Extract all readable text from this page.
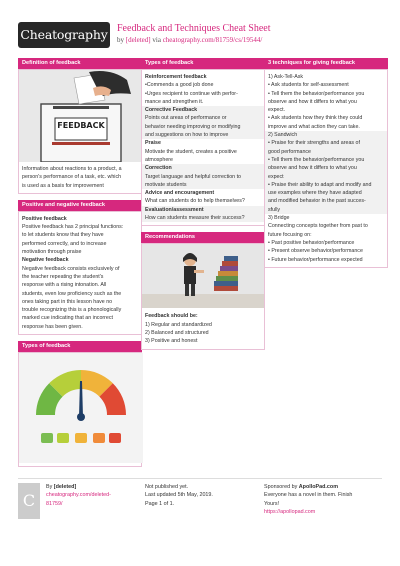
Cheatography Feedback and Techniques Cheat Sheet
by [deleted] via cheatography.com/81759/cs/19544/
Definition of feedback
FEEDBACK
Information about reactions to a product, a
person's performance of a task, etc. which
is used as a basis for improvement
Positive and negative feedback
Positive feedback
Positive feedback has 2 principal functions:
to let students know that they have
performed correctly, and to increase
motivation through praise
Negative feedback
Negative feedback consists exclusively of
the teacher repeating the student's
response with a rising intonation. All
students, even low proficiency such as the
ones taking part in this lesson have no
trouble recognizing this is a phonologically
marked cue indicating that an incorrect
response has been given.
Types of feedback
Types of feedback
Reinforcement feedback
•Commends a good job done
•Urges recipient to continue with perfor-
mance and strengthen it.
Corrective Feedback
Points out areas of performance or
behavior needing improving or modifying
and suggestions on how to improve
Praise
Motivate the student, creates a positive
atmosphere
Correction
Target language and helpful correction to
motivate students
Advice and encouragement
What can students do to help themselves?
Evaluation/assessment
How can students measure their success?
Recommendations
Feedback should be:
1) Regular and standardized
2) Balanced and structured
3) Positive and honest
3 techniques for giving feedback
1) Ask-Tell-Ask
• Ask students for self-assessment
• Tell them the behavior/performance you
observe and how it differs to what you
expect.
• Ask students how they think they could
improve and what action they can take.
2) Sandwich
• Praise for their strengths and areas of
good performance
• Tell them the behavior/performance you
observe and how it differs to what you
expect
• Praise their ability to adapt and modify and
use examples where they have adapted
and modified behavior in the past succes-
sfully
3) Bridge
Connecting concepts together from past to
future focusing on:
• Past positive behavior/performance
• Present observe behavior/performance
• Future behavior/performance expected
C
By [deleted]
cheatography.com/deleted-
81759/
Not published yet.
Last updated 5th May, 2019.
Page 1 of 1.
Sponsored by ApolloPad.com
Everyone has a novel in them. Finish
Yours!
https://apollopad.com
